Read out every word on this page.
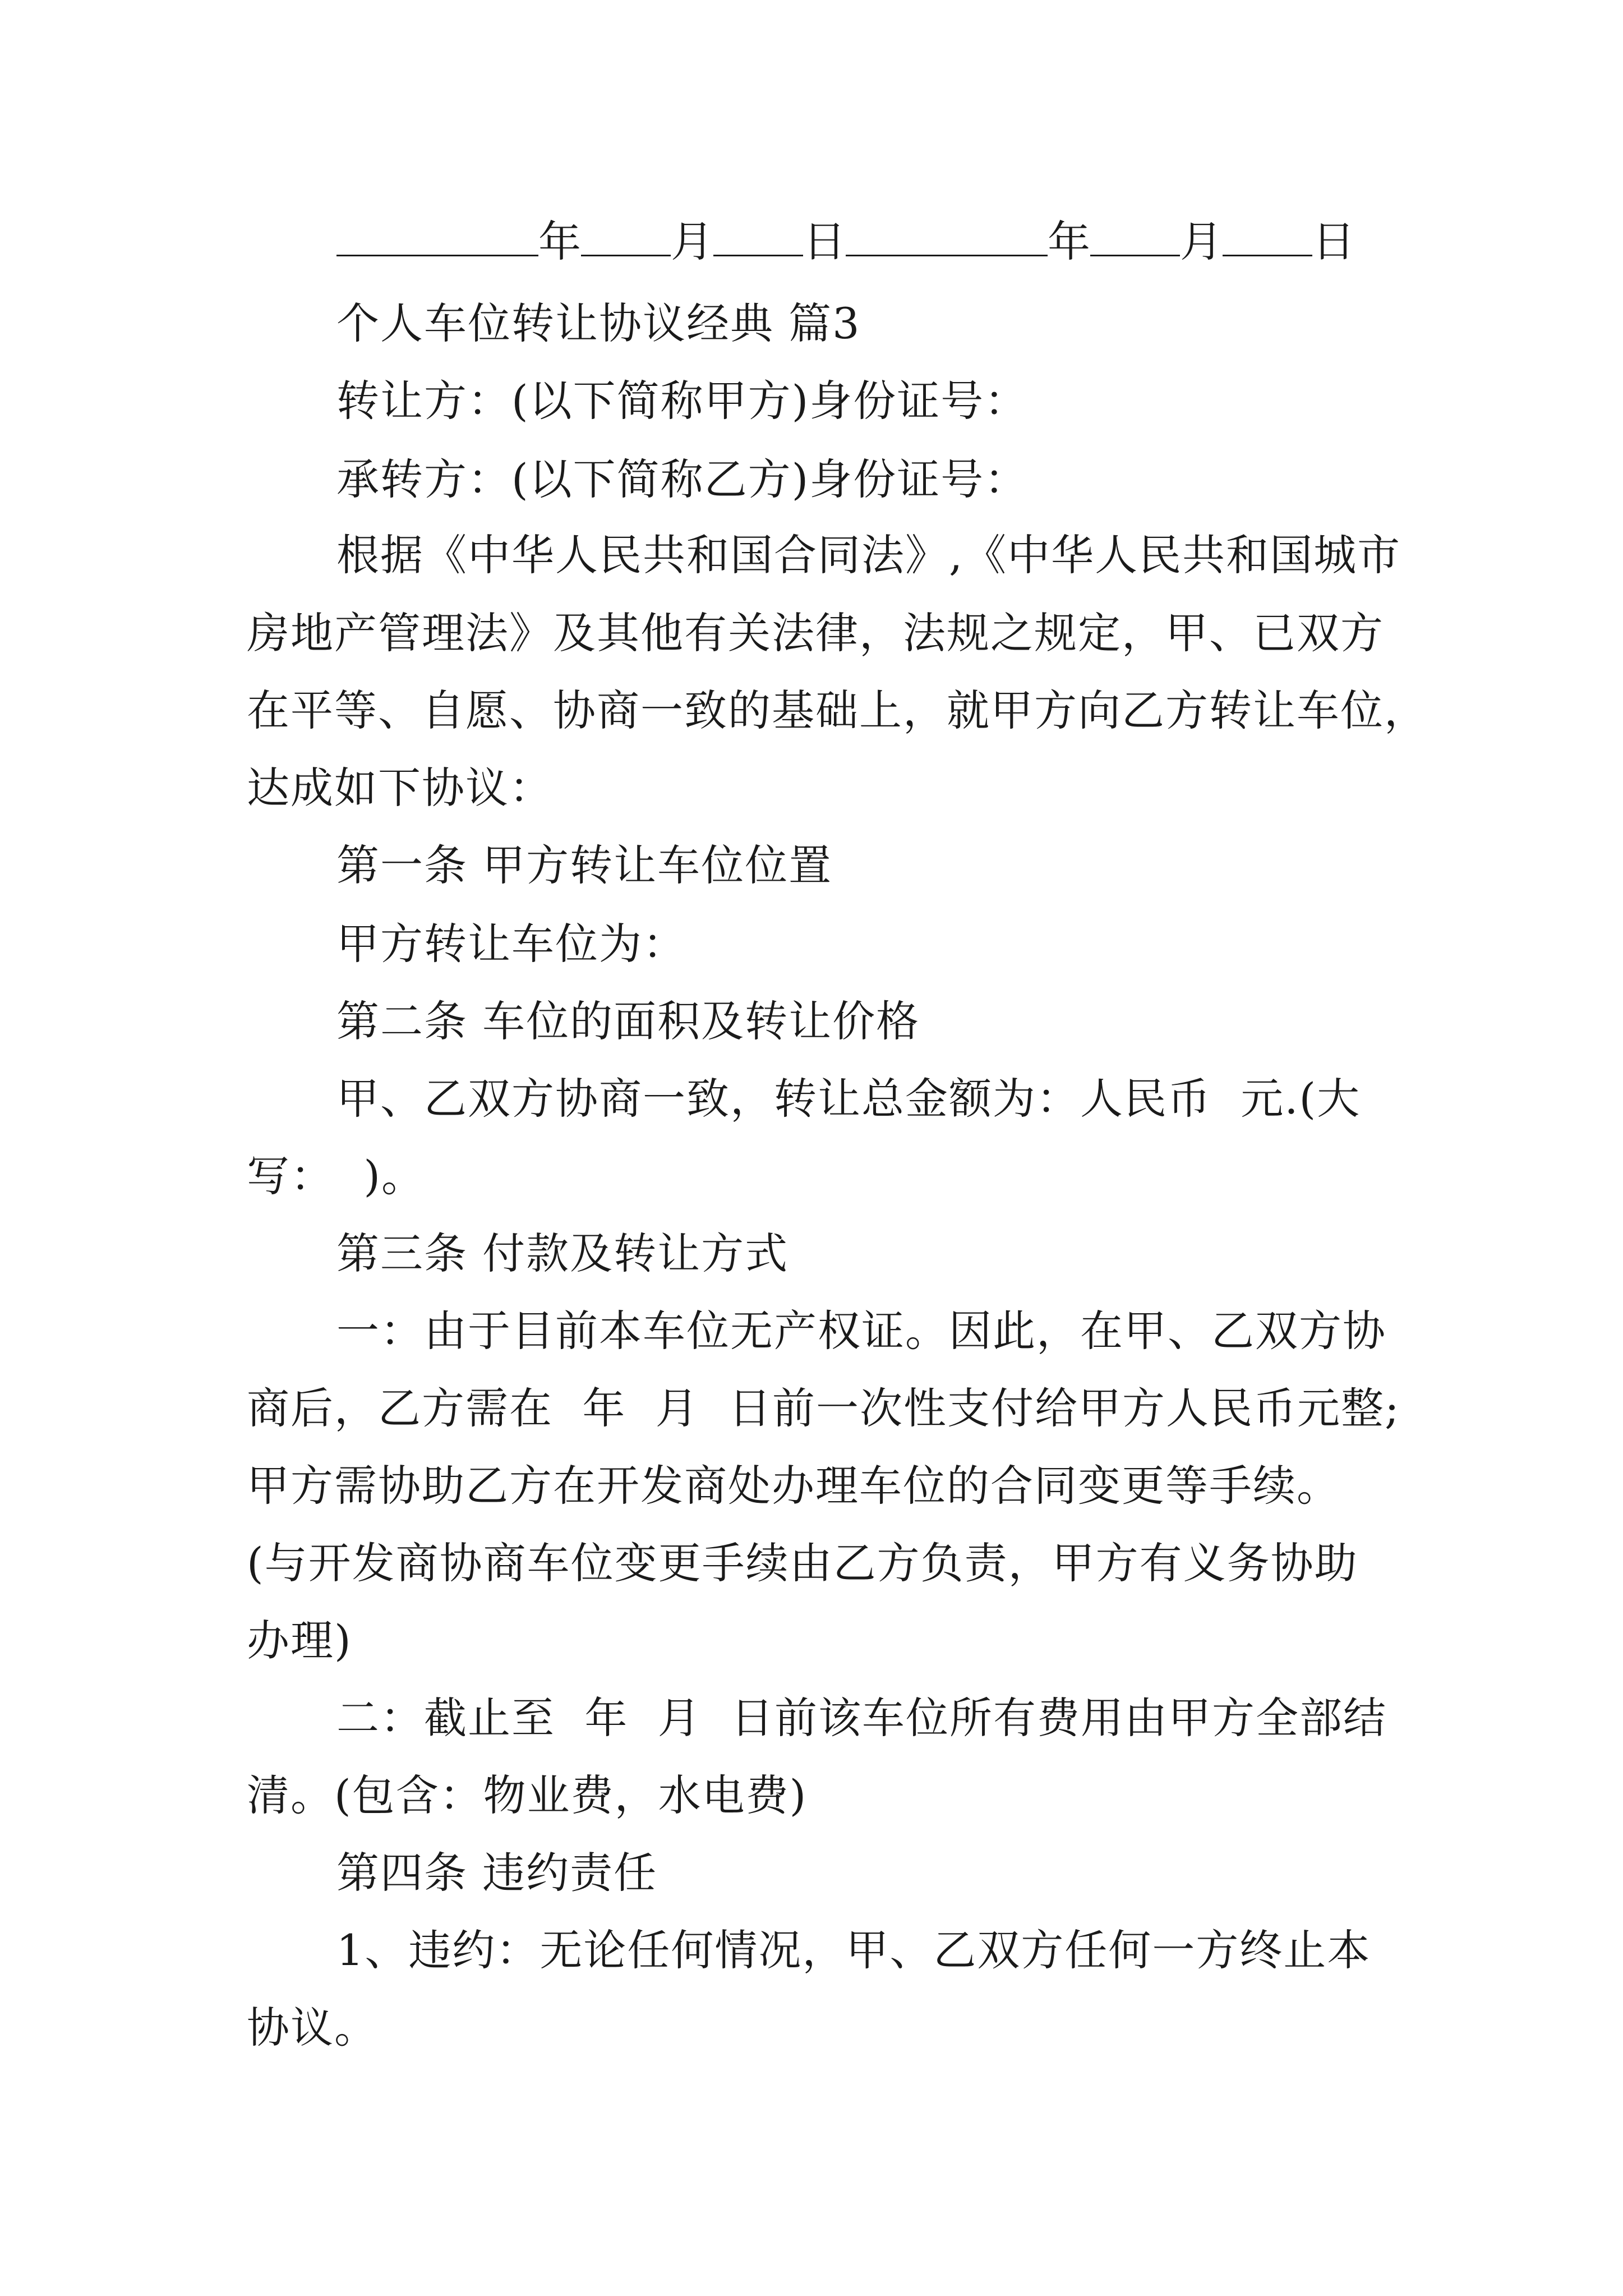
年 月 日	年 月 日
个人车位转让协议经典 篇3
转让方：(以下简称甲方)身份证号：
承转方：(以下简称乙方)身份证号：
根据《中华人民共和国合同法》,《中华人民共和国城市
房地产管理法》及其他有关法律，法规之规定，甲、已双方
在平等、自愿、协商一致的基础上，就甲方向乙方转让车位，
达成如下协议：
第一条 甲方转让车位位置
甲方转让车位为：
第二条 车位的面积及转让价格
甲、乙双方协商一致，转让总金额为：人民币  元.(大
写：  )。
第三条 付款及转让方式
一：由于目前本车位无产权证。因此，在甲、乙双方协
商后，乙方需在  年  月  日前一次性支付给甲方人民币元整;
甲方需协助乙方在开发商处办理车位的合同变更等手续。
(与开发商协商车位变更手续由乙方负责，甲方有义务协助
办理)
二：截止至  年  月  日前该车位所有费用由甲方全部结
清。(包含：物业费，水电费)
第四条 违约责任
1、违约：无论任何情况，甲、乙双方任何一方终止本
协议。
